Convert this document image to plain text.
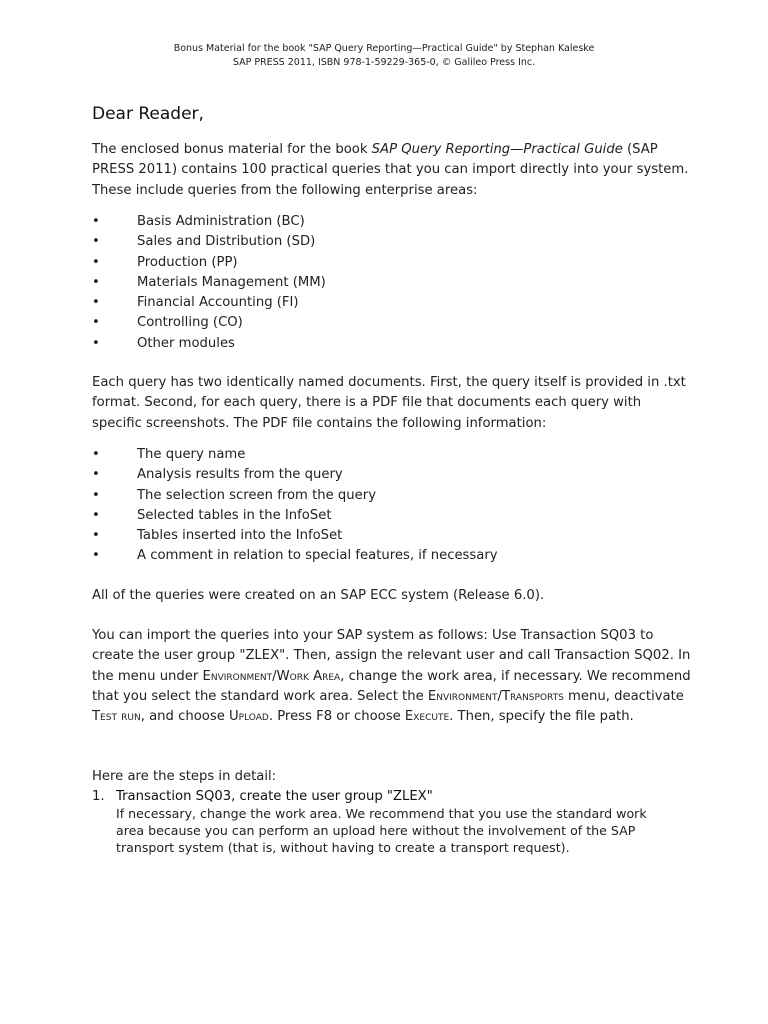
Bonus Material for the book "SAP Query Reporting—Practical Guide" by Stephan Kaleske
SAP PRESS 2011, ISBN 978-1-59229-365-0, © Galileo Press Inc.
Dear Reader,
The enclosed bonus material for the book SAP Query Reporting—Practical Guide (SAP PRESS 2011) contains 100 practical queries that you can import directly into your system. These include queries from the following enterprise areas:
•	Basis Administration (BC)
•	Sales and Distribution (SD)
•	Production (PP)
•	Materials Management (MM)
•	Financial Accounting (FI)
•	Controlling (CO)
•	Other modules
Each query has two identically named documents. First, the query itself is provided in .txt format. Second, for each query, there is a PDF file that documents each query with specific screenshots. The PDF file contains the following information:
•	The query name
•	Analysis results from the query
•	The selection screen from the query
•	Selected tables in the InfoSet
•	Tables inserted into the InfoSet
•	A comment in relation to special features, if necessary
All of the queries were created on an SAP ECC system (Release 6.0).
You can import the queries into your SAP system as follows: Use Transaction SQ03 to create the user group "ZLEX". Then, assign the relevant user and call Transaction SQ02. In the menu under Environment/Work Area, change the work area, if necessary. We recommend that you select the standard work area. Select the Environment/Transports menu, deactivate Test run, and choose Upload. Press F8 or choose Execute. Then, specify the file path.
Here are the steps in detail:
1. Transaction SQ03, create the user group "ZLEX"
If necessary, change the work area. We recommend that you use the standard work area because you can perform an upload here without the involvement of the SAP transport system (that is, without having to create a transport request).
